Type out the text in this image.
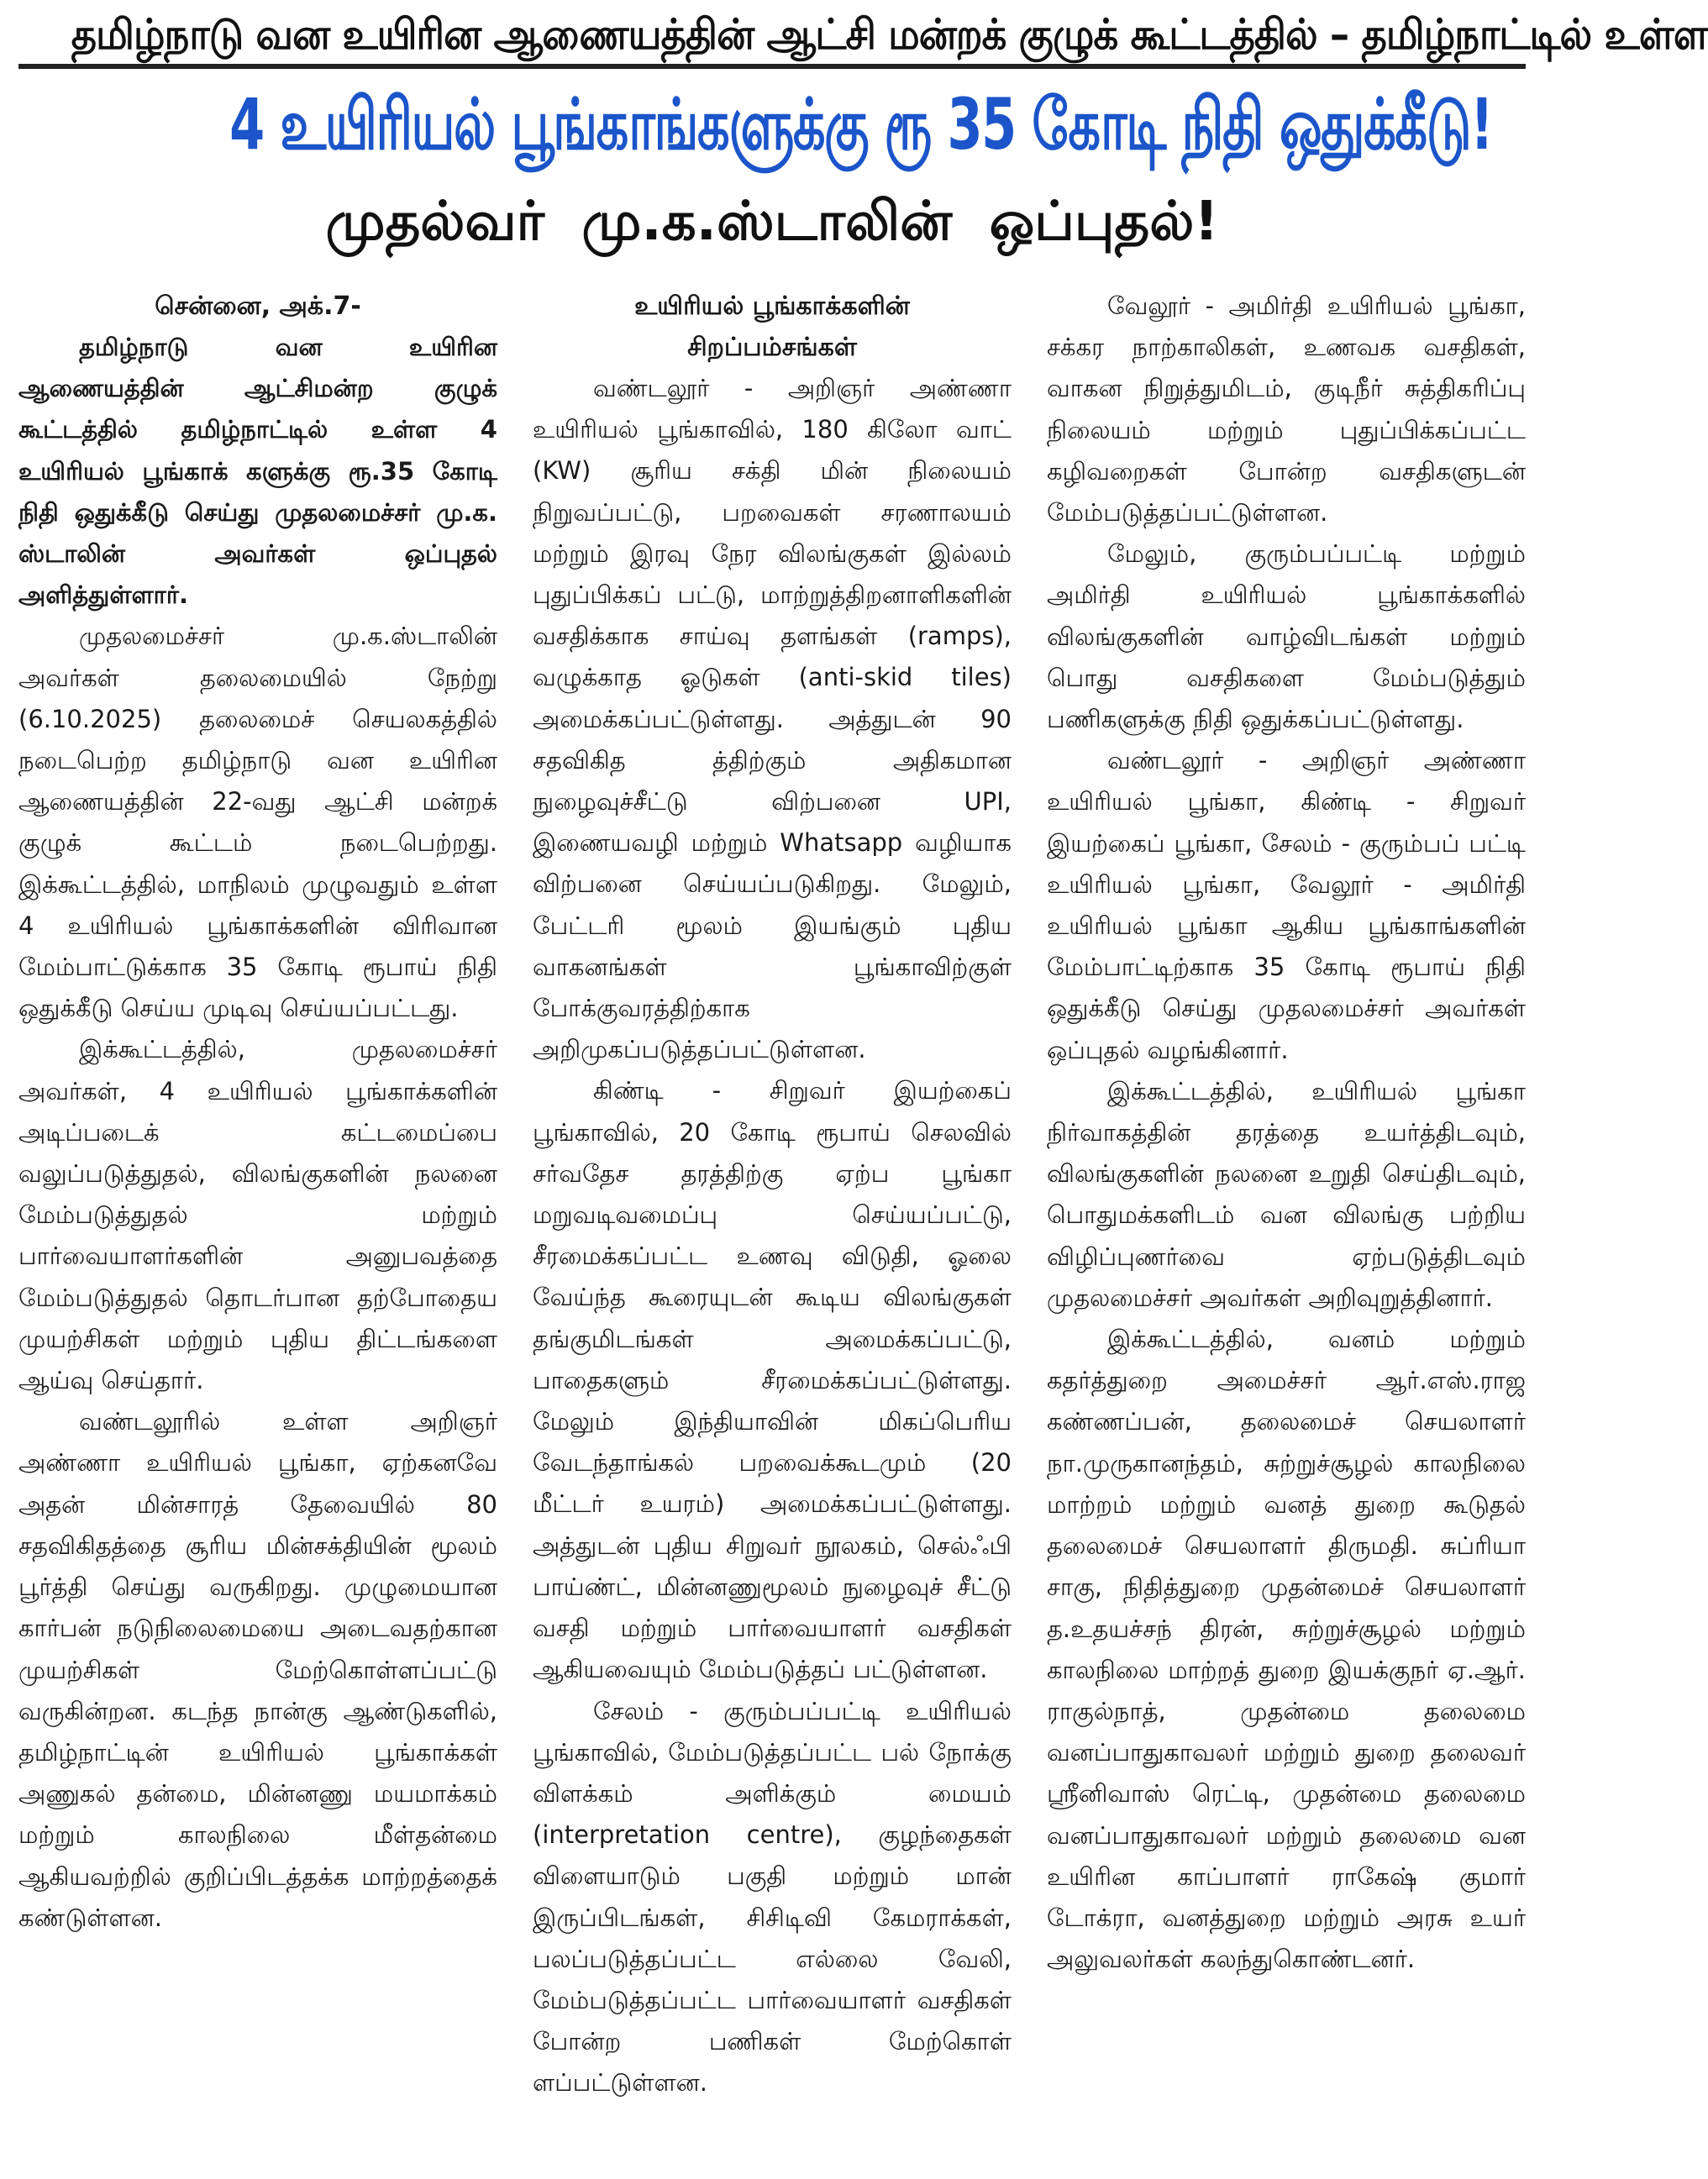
தமிழ்நாடு வன உயிரின ஆணையத்தின் ஆட்சி மன்றக் குழுக் கூட்டத்தில் – தமிழ்நாட்டில் உள்ள
4 உயிரியல் பூங்காங்களுக்கு ரூ 35 கோடி நிதி ஒதுக்கீடு!
முதல்வர் மு.க.ஸ்டாலின் ஒப்புதல்!
சென்னை, அக்.7-

தமிழ்நாடு வன உயிரின ஆணையத்தின் ஆட்சிமன்ற குழுக் கூட்டத்தில் தமிழ்நாட்டில் உள்ள 4 உயிரியல் பூங்காக் களுக்கு ரூ.35 கோடி நிதி ஒதுக்கீடு செய்து முதலமைச்சர் மு.க. ஸ்டாலின் அவர்கள் ஒப்புதல் அளித்துள்ளார்.

முதலமைச்சர் மு.க.ஸ்டாலின் அவர்கள் தலைமையில் நேற்று (6.10.2025) தலைமைச் செயலகத்தில் நடைபெற்ற தமிழ்நாடு வன உயிரின ஆணையத்தின் 22-வது ஆட்சி மன்றக் குழுக் கூட்டம் நடைபெற்றது. இக்கூட்டத்தில், மாநிலம் முழுவதும் உள்ள 4 உயிரியல் பூங்காக்களின் விரிவான மேம்பாட்டுக்காக 35 கோடி ரூபாய் நிதி ஒதுக்கீடு செய்ய முடிவு செய்யப்பட்டது.

இக்கூட்டத்தில், முதலமைச்சர் அவர்கள், 4 உயிரியல் பூங்காக்களின் அடிப்படைக் கட்டமைப்பை வலுப்படுத்துதல், விலங்குகளின் நலனை மேம்படுத்துதல் மற்றும் பார்வையாளர்களின் அனுபவத்தை மேம்படுத்துதல் தொடர்பான தற்போதைய முயற்சிகள் மற்றும் புதிய திட்டங்களை ஆய்வு செய்தார்.

வண்டலூரில் உள்ள அறிஞர் அண்ணா உயிரியல் பூங்கா, ஏற்கனவே அதன் மின்சாரத் தேவையில் 80 சதவிகிதத்தை சூரிய மின்சக்தியின் மூலம் பூர்த்தி செய்து வருகிறது. முழுமையான கார்பன் நடுநிலைமையை அடைவதற்கான முயற்சிகள் மேற்கொள்ளப்பட்டு வருகின்றன. கடந்த நான்கு ஆண்டுகளில், தமிழ்நாட்டின் உயிரியல் பூங்காக்கள் அணுகல் தன்மை, மின்னணு மயமாக்கம் மற்றும் காலநிலை மீள்தன்மை ஆகியவற்றில் குறிப்பிடத்தக்க மாற்றத்தைக் கண்டுள்ளன.

உயிரியல் பூங்காக்களின்
சிறப்பம்சங்கள்

வண்டலூர் - அறிஞர் அண்ணா உயிரியல் பூங்காவில், 180 கிலோ வாட் (KW) சூரிய சக்தி மின் நிலையம் நிறுவப்பட்டு, பறவைகள் சரணாலயம் மற்றும் இரவு நேர விலங்குகள் இல்லம் புதுப்பிக்கப் பட்டு, மாற்றுத்திறனாளிகளின் வசதிக்காக சாய்வு தளங்கள் (ramps), வழுக்காத ஓடுகள் (anti-skid tiles) அமைக்கப்பட்டுள்ளது. அத்துடன் 90 சதவிகித த்திற்கும் அதிகமான நுழைவுச்சீட்டு விற்பனை UPI, இணையவழி மற்றும் Whatsapp வழியாக விற்பனை செய்யப்படுகிறது. மேலும், பேட்டரி மூலம் இயங்கும் புதிய வாகனங்கள் பூங்காவிற்குள் போக்குவரத்திற்காக அறிமுகப்படுத்தப்பட்டுள்ளன.

கிண்டி - சிறுவர் இயற்கைப் பூங்காவில், 20 கோடி ரூபாய் செலவில் சர்வதேச தரத்திற்கு ஏற்ப பூங்கா மறுவடிவமைப்பு செய்யப்பட்டு, சீரமைக்கப்பட்ட உணவு விடுதி, ஓலை வேய்ந்த கூரையுடன் கூடிய விலங்குகள் தங்குமிடங்கள் அமைக்கப்பட்டு, பாதைகளும் சீரமைக்கப்பட்டுள்ளது. மேலும் இந்தியாவின் மிகப்பெரிய வேடந்தாங்கல் பறவைக்கூடமும் (20 மீட்டர் உயரம்) அமைக்கப்பட்டுள்ளது. அத்துடன் புதிய சிறுவர் நூலகம், செல்ஃபி பாய்ண்ட், மின்னணுமூலம் நுழைவுச் சீட்டு வசதி மற்றும் பார்வையாளர் வசதிகள் ஆகியவையும் மேம்படுத்தப் பட்டுள்ளன.

சேலம் - குரும்பப்பட்டி உயிரியல் பூங்காவில், மேம்படுத்தப்பட்ட பல் நோக்கு விளக்கம் அளிக்கும் மையம் (interpretation centre), குழந்தைகள் விளையாடும் பகுதி மற்றும் மான் இருப்பிடங்கள், சிசிடிவி கேமராக்கள், பலப்படுத்தப்பட்ட எல்லை வேலி, மேம்படுத்தப்பட்ட பார்வையாளர் வசதிகள் போன்ற பணிகள் மேற்கொள் ளப்பட்டுள்ளன.

வேலூர் - அமிர்தி உயிரியல் பூங்கா, சக்கர நாற்காலிகள், உணவக வசதிகள், வாகன நிறுத்துமிடம், குடிநீர் சுத்திகரிப்பு நிலையம் மற்றும் புதுப்பிக்கப்பட்ட கழிவறைகள் போன்ற வசதிகளுடன் மேம்படுத்தப்பட்டுள்ளன.

மேலும், குரும்பப்பட்டி மற்றும் அமிர்தி உயிரியல் பூங்காக்களில் விலங்குகளின் வாழ்விடங்கள் மற்றும் பொது வசதிகளை மேம்படுத்தும் பணிகளுக்கு நிதி ஒதுக்கப்பட்டுள்ளது.

வண்டலூர் - அறிஞர் அண்ணா உயிரியல் பூங்கா, கிண்டி - சிறுவர் இயற்கைப் பூங்கா, சேலம் - குரும்பப் பட்டி உயிரியல் பூங்கா, வேலூர் - அமிர்தி உயிரியல் பூங்கா ஆகிய பூங்காங்களின் மேம்பாட்டிற்காக 35 கோடி ரூபாய் நிதி ஒதுக்கீடு செய்து முதலமைச்சர் அவர்கள் ஒப்புதல் வழங்கினார்.

இக்கூட்டத்தில், உயிரியல் பூங்கா நிர்வாகத்தின் தரத்தை உயர்த்திடவும், விலங்குகளின் நலனை உறுதி செய்திடவும், பொதுமக்களிடம் வன விலங்கு பற்றிய விழிப்புணர்வை ஏற்படுத்திடவும் முதலமைச்சர் அவர்கள் அறிவுறுத்தினார்.

இக்கூட்டத்தில், வனம் மற்றும் கதர்த்துறை அமைச்சர் ஆர்.எஸ்.ராஜ கண்ணப்பன், தலைமைச் செயலாளர் நா.முருகானந்தம், சுற்றுச்சூழல் காலநிலை மாற்றம் மற்றும் வனத் துறை கூடுதல் தலைமைச் செயலாளர் திருமதி. சுப்ரியா சாகு, நிதித்துறை முதன்மைச் செயலாளர் த.உதயச்சந் திரன், சுற்றுச்சூழல் மற்றும் காலநிலை மாற்றத் துறை இயக்குநர் ஏ.ஆர். ராகுல்நாத், முதன்மை தலைமை வனப்பாதுகாவலர் மற்றும் துறை தலைவர் ஸ்ரீனிவாஸ் ரெட்டி, முதன்மை தலைமை வனப்பாதுகாவலர் மற்றும் தலைமை வன உயிரின காப்பாளர் ராகேஷ் குமார் டோக்ரா, வனத்துறை மற்றும் அரசு உயர் அலுவலர்கள் கலந்துகொண்டனர்.
